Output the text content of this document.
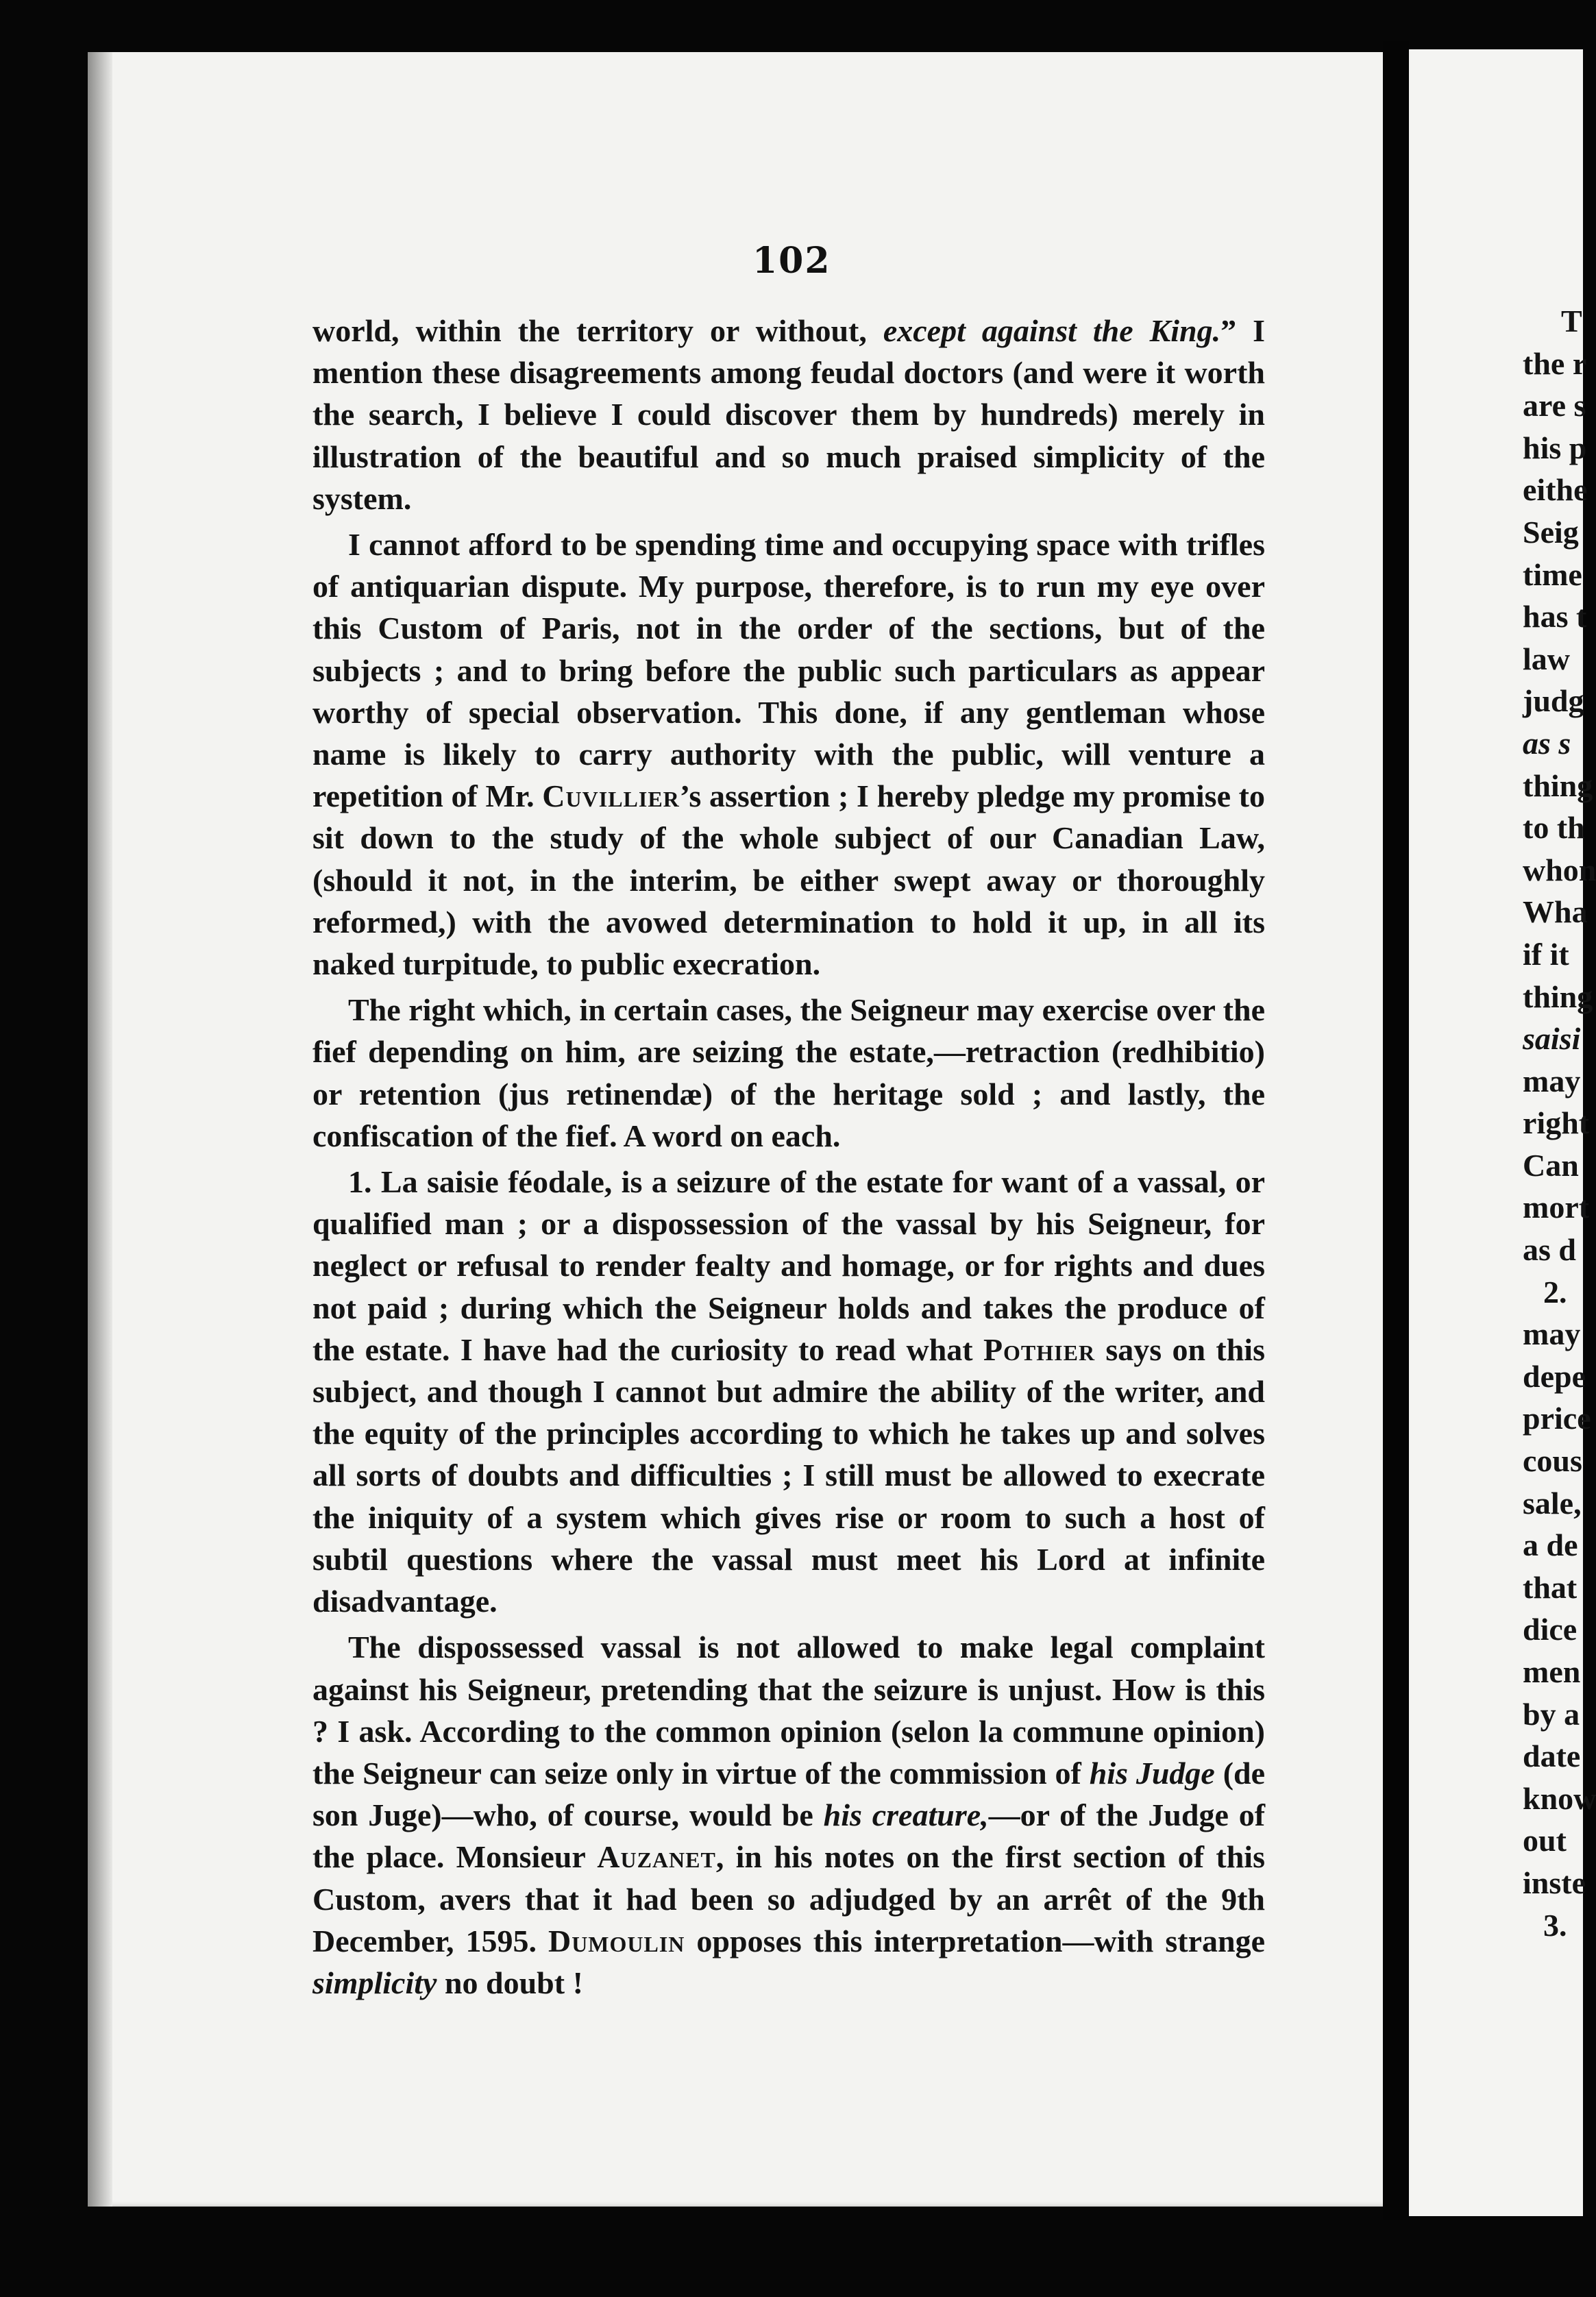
102

world, within the territory or without, except against the King.” I mention these disagreements among feudal doctors (and were it worth the search, I believe I could discover them by hundreds) merely in illustration of the beautiful and so much praised simplicity of the system.

I cannot afford to be spending time and occupying space with trifles of antiquarian dispute. My purpose, therefore, is to run my eye over this Custom of Paris, not in the order of the sections, but of the subjects ; and to bring before the public such particulars as appear worthy of special observation. This done, if any gentleman whose name is likely to carry authority with the public, will venture a repetition of Mr. Cuvillier’s assertion ; I hereby pledge my promise to sit down to the study of the whole subject of our Canadian Law, (should it not, in the interim, be either swept away or thoroughly reformed,) with the avowed determination to hold it up, in all its naked turpitude, to public execration.

The right which, in certain cases, the Seigneur may exercise over the fief depending on him, are seizing the estate,—retraction (redhibitio) or retention (jus retinendæ) of the heritage sold ; and lastly, the confiscation of the fief. A word on each.

1. La saisie féodale, is a seizure of the estate for want of a vassal, or qualified man ; or a dispossession of the vassal by his Seigneur, for neglect or refusal to render fealty and homage, or for rights and dues not paid ; during which the Seigneur holds and takes the produce of the estate. I have had the curiosity to read what Pothier says on this subject, and though I cannot but admire the ability of the writer, and the equity of the principles according to which he takes up and solves all sorts of doubts and difficulties ; I still must be allowed to execrate the iniquity of a system which gives rise or room to such a host of subtil questions where the vassal must meet his Lord at infinite disadvantage.

The dispossessed vassal is not allowed to make legal complaint against his Seigneur, pretending that the seizure is unjust. How is this ? I ask. According to the common opinion (selon la commune opinion) the Seigneur can seize only in virtue of the commission of his Judge (de son Juge)—who, of course, would be his creature,—or of the Judge of the place. Monsieur Auzanet, in his notes on the first section of this Custom, avers that it had been so adjudged by an arrêt of the 9th December, 1595. Dumoulin opposes this interpretation—with strange simplicity no doubt !

T
the r
are s
his p
eithe
Seig
time
has t
law
judg
as s
thing
to th
whon
Wha
if it
thing
saisi
may
right
Can
mort
as d
2.
may
depe
price
cous
sale,
a de
that
dice
men
by a
date
know
out
inste
3.
